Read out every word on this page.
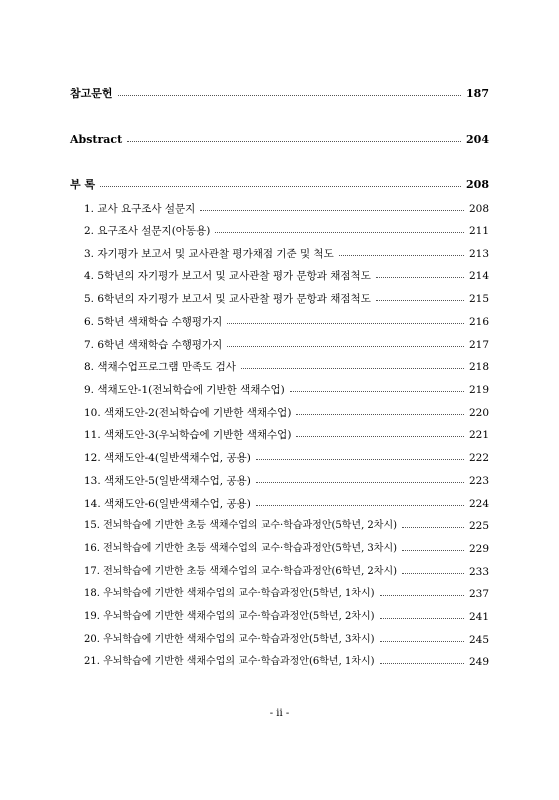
참고문헌	187
Abstract	204
부 록	208
1. 교사 요구조사 설문지	208
2. 요구조사 설문지(아동용)	211
3. 자기평가 보고서 및 교사관찰 평가채점 기준 및 척도	213
4. 5학년의 자기평가 보고서 및 교사관찰 평가 문항과 채점척도	214
5. 6학년의 자기평가 보고서 및 교사관찰 평가 문항과 채점척도	215
6. 5학년 색채학습 수행평가지	216
7. 6학년 색채학습 수행평가지	217
8. 색채수업프로그램 만족도 검사	218
9. 색채도안-1(전뇌학습에 기반한 색채수업)	219
10. 색채도안-2(전뇌학습에 기반한 색채수업)	220
11. 색채도안-3(우뇌학습에 기반한 색채수업)	221
12. 색채도안-4(일반색채수업, 공용)	222
13. 색채도안-5(일반색채수업, 공용)	223
14. 색채도안-6(일반색채수업, 공용)	224
15. 전뇌학습에 기반한 초등 색채수업의 교수·학습과정안(5학년, 2차시)	225
16. 전뇌학습에 기반한 초등 색채수업의 교수·학습과정안(5학년, 3차시)	229
17. 전뇌학습에 기반한 초등 색채수업의 교수·학습과정안(6학년, 2차시)	233
18. 우뇌학습에 기반한 색채수업의 교수·학습과정안(5학년, 1차시)	237
19. 우뇌학습에 기반한 색채수업의 교수·학습과정안(5학년, 2차시)	241
20. 우뇌학습에 기반한 색채수업의 교수·학습과정안(5학년, 3차시)	245
21. 우뇌학습에 기반한 색채수업의 교수·학습과정안(6학년, 1차시)	249
- ii -
